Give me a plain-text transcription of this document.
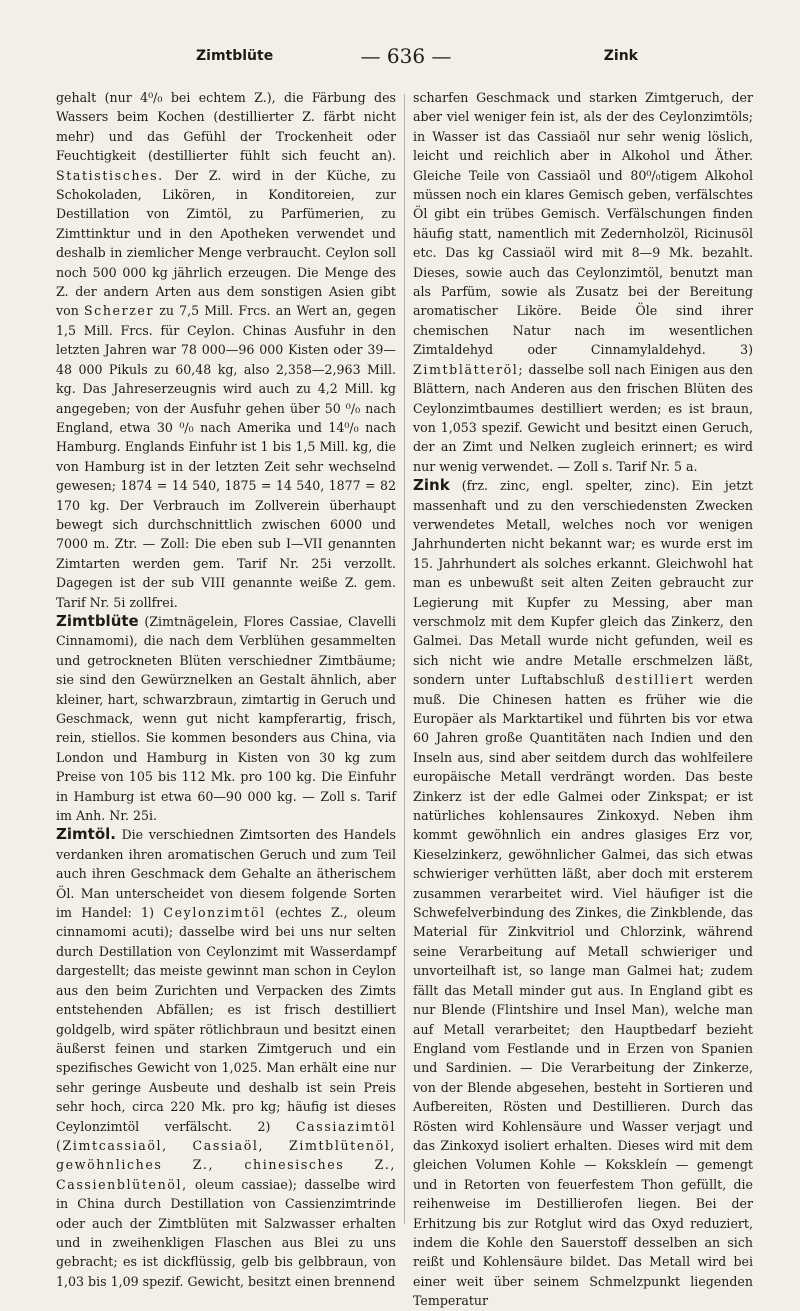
Zimtblüte	— 636 —	Zink

gehalt (nur 4⁰/₀ bei echtem Z.), die Färbung des Wassers beim Kochen (destillierter Z. färbt nicht mehr) und das Gefühl der Trockenheit oder Feuchtigkeit (destillierter fühlt sich feucht an). Statistisches. Der Z. wird in der Küche, zu Schokoladen, Likören, in Konditoreien, zur Destillation von Zimtöl, zu Parfümerien, zu Zimttinktur und in den Apotheken verwendet und deshalb in ziemlicher Menge verbraucht. Ceylon soll noch 500 000 kg jährlich erzeugen. Die Menge des Z. der andern Arten aus dem sonstigen Asien gibt von Scherzer zu 7,5 Mill. Frcs. an Wert an, gegen 1,5 Mill. Frcs. für Ceylon. Chinas Ausfuhr in den letzten Jahren war 78 000—96 000 Kisten oder 39—48 000 Pikuls zu 60,48 kg, also 2,358—2,963 Mill. kg. Das Jahreserzeugnis wird auch zu 4,2 Mill. kg angegeben; von der Ausfuhr gehen über 50 ⁰/₀ nach England, etwa 30 ⁰/₀ nach Amerika und 14⁰/₀ nach Hamburg. Englands Einfuhr ist 1 bis 1,5 Mill. kg, die von Hamburg ist in der letzten Zeit sehr wechselnd gewesen; 1874 = 14 540, 1875 = 14 540, 1877 = 82 170 kg. Der Verbrauch im Zollverein überhaupt bewegt sich durchschnittlich zwischen 6000 und 7000 m. Ztr. — Zoll: Die eben sub I—VII genannten Zimtarten werden gem. Tarif Nr. 25i verzollt. Dagegen ist der sub VIII genannte weiße Z. gem. Tarif Nr. 5i zollfrei.

Zimtblüte (Zimtnägelein, Flores Cassiae, Clavelli Cinnamomi), die nach dem Verblühen gesammelten und getrockneten Blüten verschiedner Zimtbäume; sie sind den Gewürznelken an Gestalt ähnlich, aber kleiner, hart, schwarzbraun, zimtartig in Geruch und Geschmack, wenn gut nicht kampferartig, frisch, rein, stiellos. Sie kommen besonders aus China, via London und Hamburg in Kisten von 30 kg zum Preise von 105 bis 112 Mk. pro 100 kg. Die Einfuhr in Hamburg ist etwa 60—90 000 kg. — Zoll s. Tarif im Anh. Nr. 25i.

Zimtöl. Die verschiednen Zimtsorten des Handels verdanken ihren aromatischen Geruch und zum Teil auch ihren Geschmack dem Gehalte an ätherischem Öl. Man unterscheidet von diesem folgende Sorten im Handel: 1) Ceylonzimtöl (echtes Z., oleum cinnamomi acuti); dasselbe wird bei uns nur selten durch Destillation von Ceylonzimt mit Wasserdampf dargestellt; das meiste gewinnt man schon in Ceylon aus den beim Zurichten und Verpacken des Zimts entstehenden Abfällen; es ist frisch destilliert goldgelb, wird später rötlichbraun und besitzt einen äußerst feinen und starken Zimtgeruch und ein spezifisches Gewicht von 1,025. Man erhält eine nur sehr geringe Ausbeute und deshalb ist sein Preis sehr hoch, circa 220 Mk. pro kg; häufig ist dieses Ceylonzimtöl verfälscht. 2) Cassiazimtöl (Zimtcassiaöl, Cassiaöl, Zimtblütenöl, gewöhnliches Z., chinesisches Z., Cassienblütenöl, oleum cassiae); dasselbe wird in China durch Destillation von Cassienzimtrinde oder auch der Zimtblüten mit Salzwasser erhalten und in zweihenkligen Flaschen aus Blei zu uns gebracht; es ist dickflüssig, gelb bis gelbbraun, von 1,03 bis 1,09 spezif. Gewicht, besitzt einen brennend

scharfen Geschmack und starken Zimtgeruch, der aber viel weniger fein ist, als der des Ceylonzimtöls; in Wasser ist das Cassiaöl nur sehr wenig löslich, leicht und reichlich aber in Alkohol und Äther. Gleiche Teile von Cassiaöl und 80⁰/₀tigem Alkohol müssen noch ein klares Gemisch geben, verfälschtes Öl gibt ein trübes Gemisch. Verfälschungen finden häufig statt, namentlich mit Zedernholzöl, Ricinusöl etc. Das kg Cassiaöl wird mit 8—9 Mk. bezahlt. Dieses, sowie auch das Ceylonzimtöl, benutzt man als Parfüm, sowie als Zusatz bei der Bereitung aromatischer Liköre. Beide Öle sind ihrer chemischen Natur nach im wesentlichen Zimtaldehyd oder Cinnamylaldehyd. 3) Zimtblätteröl; dasselbe soll nach Einigen aus den Blättern, nach Anderen aus den frischen Blüten des Ceylonzimtbaumes destilliert werden; es ist braun, von 1,053 spezif. Gewicht und besitzt einen Geruch, der an Zimt und Nelken zugleich erinnert; es wird nur wenig verwendet. — Zoll s. Tarif Nr. 5 a.

Zink (frz. zinc, engl. spelter, zinc). Ein jetzt massenhaft und zu den verschiedensten Zwecken verwendetes Metall, welches noch vor wenigen Jahrhunderten nicht bekannt war; es wurde erst im 15. Jahrhundert als solches erkannt. Gleichwohl hat man es unbewußt seit alten Zeiten gebraucht zur Legierung mit Kupfer zu Messing, aber man verschmolz mit dem Kupfer gleich das Zinkerz, den Galmei. Das Metall wurde nicht gefunden, weil es sich nicht wie andre Metalle erschmelzen läßt, sondern unter Luftabschluß destilliert werden muß. Die Chinesen hatten es früher wie die Europäer als Marktartikel und führten bis vor etwa 60 Jahren große Quantitäten nach Indien und den Inseln aus, sind aber seitdem durch das wohlfeilere europäische Metall verdrängt worden. Das beste Zinkerz ist der edle Galmei oder Zinkspat; er ist natürliches kohlensaures Zinkoxyd. Neben ihm kommt gewöhnlich ein andres glasiges Erz vor, Kieselzinkerz, gewöhnlicher Galmei, das sich etwas schwieriger verhütten läßt, aber doch mit ersterem zusammen verarbeitet wird. Viel häufiger ist die Schwefelverbindung des Zinkes, die Zinkblende, das Material für Zinkvitriol und Chlorzink, während seine Verarbeitung auf Metall schwieriger und unvorteilhaft ist, so lange man Galmei hat; zudem fällt das Metall minder gut aus. In England gibt es nur Blende (Flintshire und Insel Man), welche man auf Metall verarbeitet; den Hauptbedarf bezieht England vom Festlande und in Erzen von Spanien und Sardinien. — Die Verarbeitung der Zinkerze, von der Blende abgesehen, besteht in Sortieren und Aufbereiten, Rösten und Destillieren. Durch das Rösten wird Kohlensäure und Wasser verjagt und das Zinkoxyd isoliert erhalten. Dieses wird mit dem gleichen Volumen Kohle — Kokskleín — gemengt und in Retorten von feuerfestem Thon gefüllt, die reihenweise im Destillierofen liegen. Bei der Erhitzung bis zur Rotglut wird das Oxyd reduziert, indem die Kohle den Sauerstoff desselben an sich reißt und Kohlensäure bildet. Das Metall wird bei einer weit über seinem Schmelzpunkt liegenden Temperatur
